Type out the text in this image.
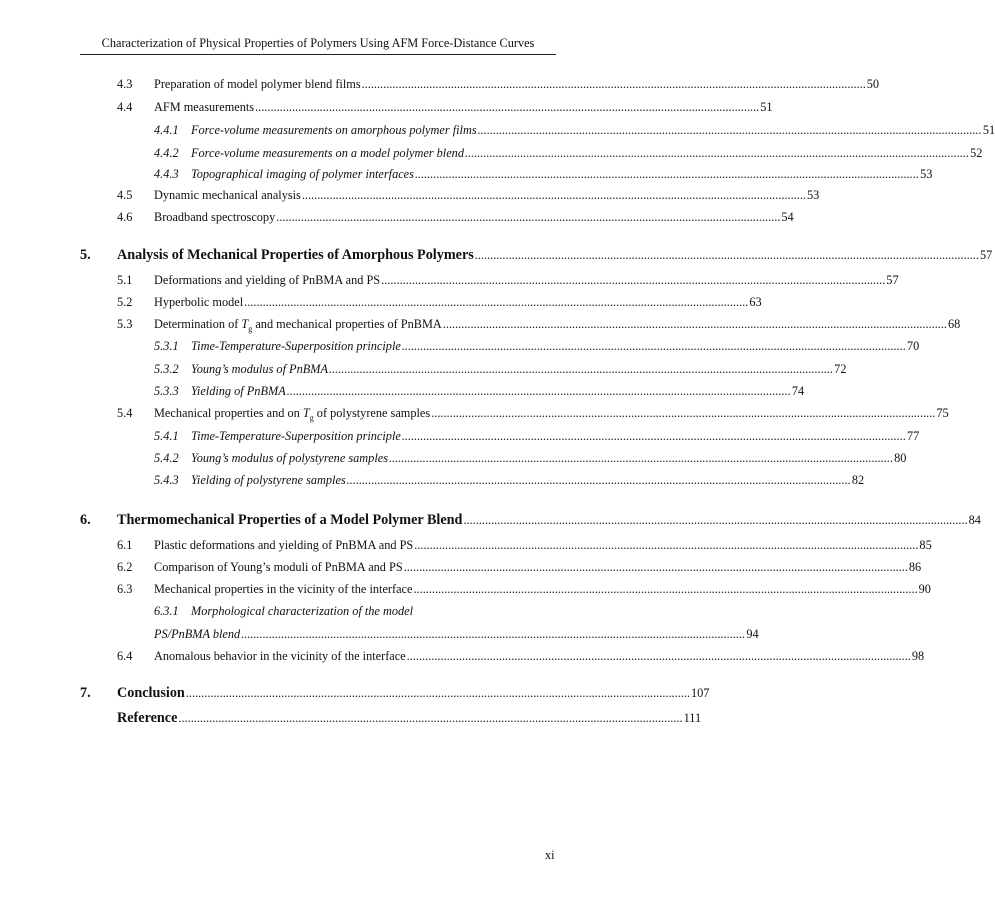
Characterization of Physical Properties of Polymers Using AFM Force-Distance Curves
4.3	Preparation of model polymer blend films .................................................................................................................................................................... 50
4.4	AFM measurements .................................................................................................................................................................... 51
4.4.1	Force-volume measurements on amorphous polymer films .................................................................................................................................................................... 51
4.4.2	Force-volume measurements on a model polymer blend .................................................................................................................................................................... 52
4.4.3	Topographical imaging of polymer interfaces .................................................................................................................................................................... 53
4.5	Dynamic mechanical analysis .................................................................................................................................................................... 53
4.6	Broadband spectroscopy .................................................................................................................................................................... 54
5. Analysis of Mechanical Properties of Amorphous Polymers .................................................................................................................................................................... 57
5.1	Deformations and yielding of PnBMA and PS .................................................................................................................................................................... 57
5.2	Hyperbolic model .................................................................................................................................................................... 63
5.3	Determination of $T_g$ and mechanical properties of PnBMA .................................................................................................................................................................... 68
5.3.1	Time-Temperature-Superposition principle .................................................................................................................................................................... 70
5.3.2	Young’s modulus of PnBMA .................................................................................................................................................................... 72
5.3.3	Yielding of PnBMA .................................................................................................................................................................... 74
5.4	Mechanical properties and on $T_g$ of polystyrene samples .................................................................................................................................................................... 75
5.4.1	Time-Temperature-Superposition principle .................................................................................................................................................................... 77
5.4.2	Young’s modulus of polystyrene samples .................................................................................................................................................................... 80
5.4.3	Yielding of polystyrene samples .................................................................................................................................................................... 82
6. Thermomechanical Properties of a Model Polymer Blend .................................................................................................................................................................... 84
6.1	Plastic deformations and yielding of PnBMA and PS .................................................................................................................................................................... 85
6.2	Comparison of Young’s moduli of PnBMA and PS .................................................................................................................................................................... 86
6.3	Mechanical properties in the vicinity of the interface .................................................................................................................................................................... 90
6.3.1 Morphological characterization of the model
PS/PnBMA blend .................................................................................................................................................................... 94
6.4	Anomalous behavior in the vicinity of the interface .................................................................................................................................................................... 98
7. Conclusion .................................................................................................................................................................... 107
Reference .................................................................................................................................................................... 111
xi
